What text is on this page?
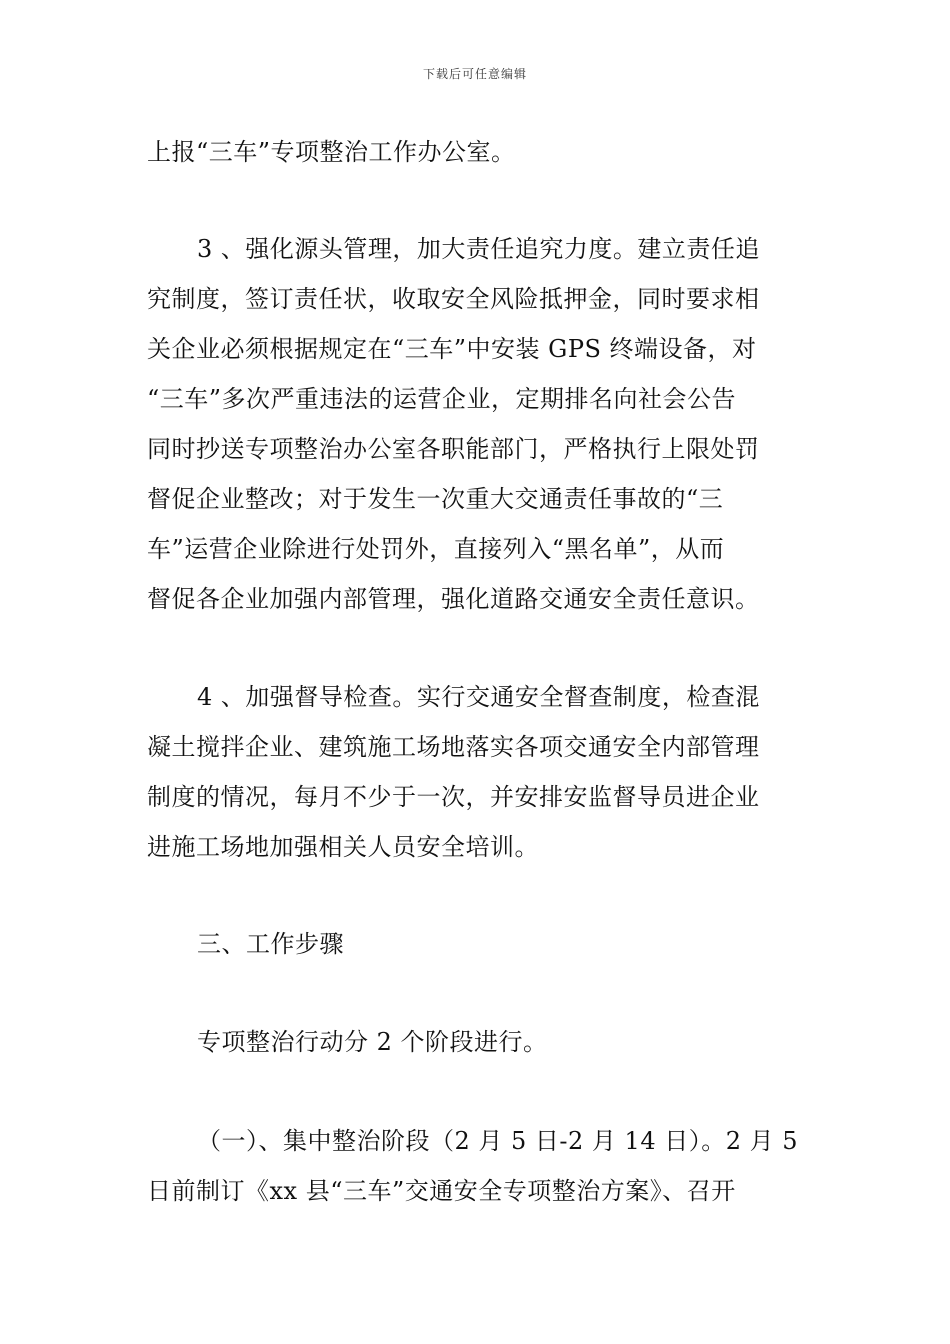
下载后可任意编辑
上报“三车”专项整治工作办公室。
3 、强化源头管理，加大责任追究力度。建立责任追
究制度，签订责任状，收取安全风险抵押金，同时要求相
关企业必须根据规定在“三车”中安装 GPS 终端设备，对
“三车”多次严重违法的运营企业，定期排名向社会公告
同时抄送专项整治办公室各职能部门，严格执行上限处罚
督促企业整改；对于发生一次重大交通责任事故的“三
车”运营企业除进行处罚外，直接列入“黑名单”，从而
督促各企业加强内部管理，强化道路交通安全责任意识。
4 、加强督导检查。实行交通安全督查制度，检查混
凝土搅拌企业、建筑施工场地落实各项交通安全内部管理
制度的情况，每月不少于一次，并安排安监督导员进企业
进施工场地加强相关人员安全培训。
三、工作步骤
专项整治行动分 2 个阶段进行。
（一）、集中整治阶段（2 月 5 日-2 月 14 日）。2 月 5
日前制订《xx 县“三车”交通安全专项整治方案》、召开
